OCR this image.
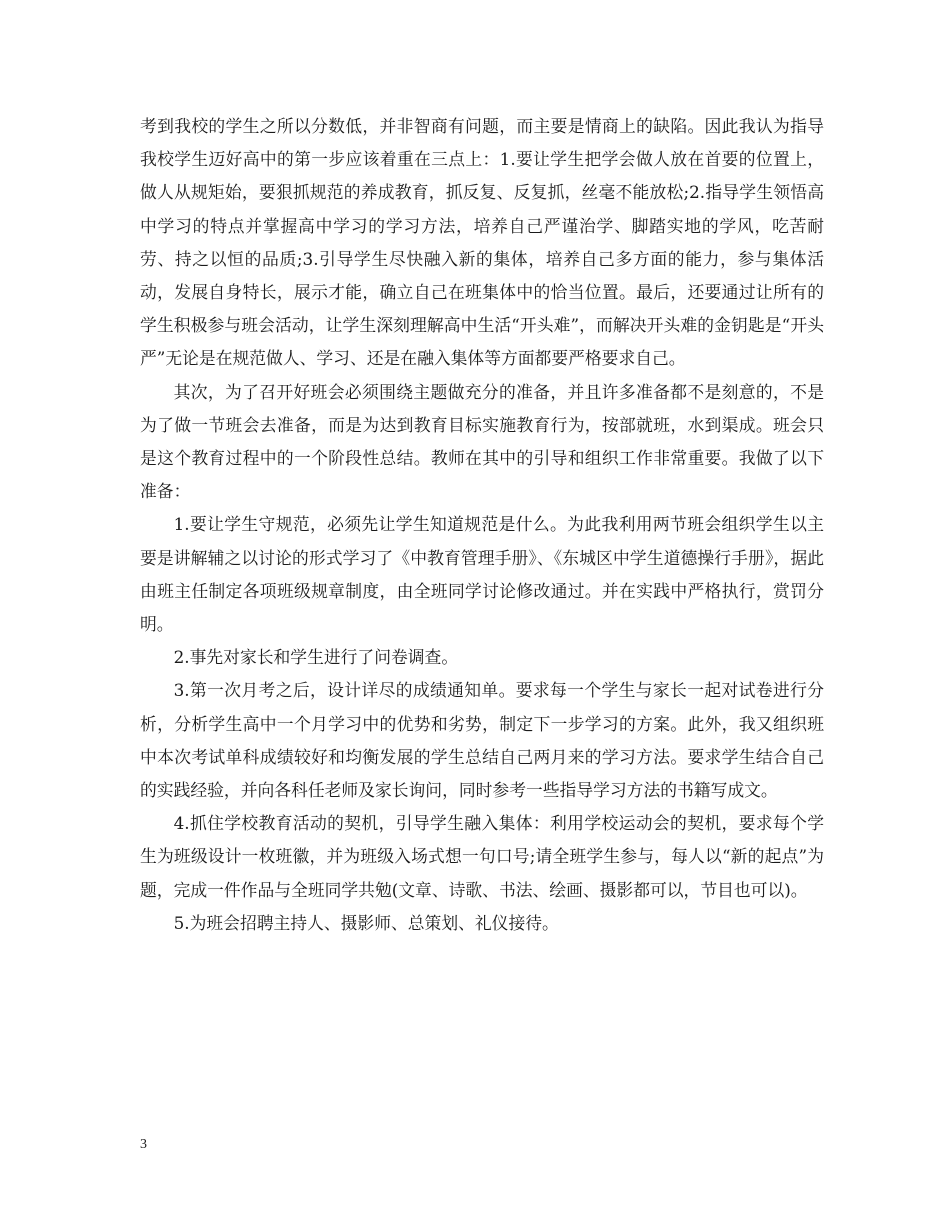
考到我校的学生之所以分数低，并非智商有问题，而主要是情商上的缺陷。因此我认为指导我校学生迈好高中的第一步应该着重在三点上：1.要让学生把学会做人放在首要的位置上，做人从规矩始，要狠抓规范的养成教育，抓反复、反复抓，丝毫不能放松;2.指导学生领悟高中学习的特点并掌握高中学习的学习方法，培养自己严谨治学、脚踏实地的学风，吃苦耐劳、持之以恒的品质;3.引导学生尽快融入新的集体，培养自己多方面的能力，参与集体活动，发展自身特长，展示才能，确立自己在班集体中的恰当位置。最后，还要通过让所有的学生积极参与班会活动，让学生深刻理解高中生活“开头难”，而解决开头难的金钥匙是“开头严”无论是在规范做人、学习、还是在融入集体等方面都要严格要求自己。

其次，为了召开好班会必须围绕主题做充分的准备，并且许多准备都不是刻意的，不是为了做一节班会去准备，而是为达到教育目标实施教育行为，按部就班，水到渠成。班会只是这个教育过程中的一个阶段性总结。教师在其中的引导和组织工作非常重要。我做了以下准备：

1.要让学生守规范，必须先让学生知道规范是什么。为此我利用两节班会组织学生以主要是讲解辅之以讨论的形式学习了《中教育管理手册》、《东城区中学生道德操行手册》，据此由班主任制定各项班级规章制度，由全班同学讨论修改通过。并在实践中严格执行，赏罚分明。

2.事先对家长和学生进行了问卷调查。

3.第一次月考之后，设计详尽的成绩通知单。要求每一个学生与家长一起对试卷进行分析，分析学生高中一个月学习中的优势和劣势，制定下一步学习的方案。此外，我又组织班中本次考试单科成绩较好和均衡发展的学生总结自己两月来的学习方法。要求学生结合自己的实践经验，并向各科任老师及家长询问，同时参考一些指导学习方法的书籍写成文。

4.抓住学校教育活动的契机，引导学生融入集体：利用学校运动会的契机，要求每个学生为班级设计一枚班徽，并为班级入场式想一句口号;请全班学生参与，每人以“新的起点”为题，完成一件作品与全班同学共勉(文章、诗歌、书法、绘画、摄影都可以，节目也可以)。

5.为班会招聘主持人、摄影师、总策划、礼仪接待。

3
